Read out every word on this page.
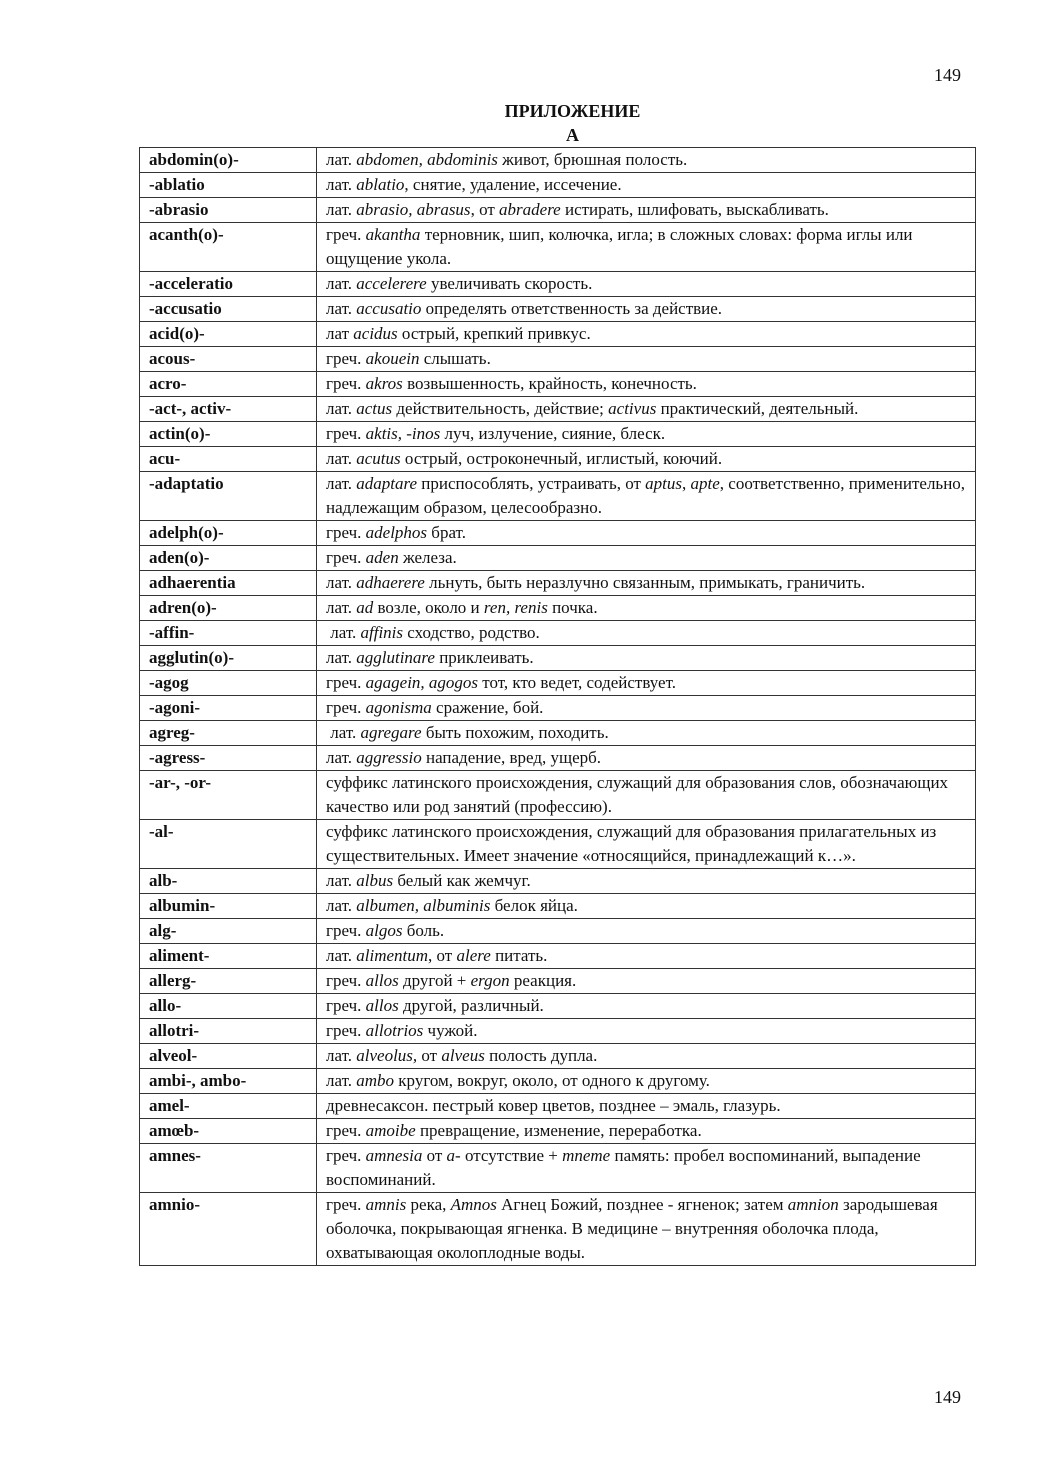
149
ПРИЛОЖЕНИЕ
А
abdomin(o)-	лат. abdomen, abdominis живот, брюшная полость.
-ablatio	лат. ablatio, снятие, удаление, иссечение.
-abrasio	лат. abrasio, abrasus, от abradere истирать, шлифовать, выскабливать.
acanth(o)-	греч. akantha терновник, шип, колючка, игла; в сложных словах: форма иглы или ощущение укола.
-acceleratio	лат. accelerere увеличивать скорость.
-accusatio	лат. accusatio определять ответственность за действие.
acid(o)-	лат acidus острый, крепкий привкус.
acous-	греч. akouein слышать.
acro-	греч. akros возвышенность, крайность, конечность.
-act-, activ-	лат. actus действительность, действие; activus практический, деятельный.
actin(o)-	греч. aktis, -inos луч, излучение, сияние, блеск.
acu-	лат. acutus острый, остроконечный, иглистый, коючий.
-adaptatio	лат. adaptare приспособлять, устраивать, от aptus, apte, соответственно, применительно, надлежащим образом, целесообразно.
adelph(o)-	греч. adelphos брат.
aden(o)-	греч. aden железа.
adhaerentia	лат. adhaerere льнуть, быть неразлучно связанным, примыкать, граничить.
adren(o)-	лат. ad возле, около и ren, renis почка.
-affin-	лат. affinis сходство, родство.
agglutin(o)-	лат. agglutinare приклеивать.
-agog	греч. agagein, agogos тот, кто ведет, содействует.
-agoni-	греч. agonisma сражение, бой.
agreg-	лат. agregare быть похожим, походить.
-agress-	лат. aggressio нападение, вред, ущерб.
-ar-, -or-	суффикс латинского происхождения, служащий для образования слов, обозначающих качество или род занятий (профессию).
-al-	суффикс латинского происхождения, служащий для образования прилагательных из существительных. Имеет значение «относящийся, принадлежащий к…».
alb-	лат. albus белый как жемчуг.
albumin-	лат. albumen, albuminis белок яйца.
alg-	греч. algos боль.
aliment-	лат. alimentum, от alere питать.
allerg-	греч. allos другой + ergon реакция.
allo-	греч. allos другой, различный.
allotri-	греч. allotrios чужой.
alveol-	лат. alveolus, от alveus полость дупла.
ambi-, ambo-	лат. ambo кругом, вокруг, около, от одного к другому.
amel-	древнесаксон. пестрый ковер цветов, позднее – эмаль, глазурь.
amœb-	греч. amoibe превращение, изменение, переработка.
amnes-	греч. amnesia от a- отсутствие + mneme память: пробел воспоминаний, выпадение воспоминаний.
amnio-	греч. amnis река, Amnos Агнец Божий, позднее - ягненок; затем amnion зародышевая оболочка, покрывающая ягненка. В медицине – внутренняя оболочка плода, охватывающая околоплодные воды.
149
